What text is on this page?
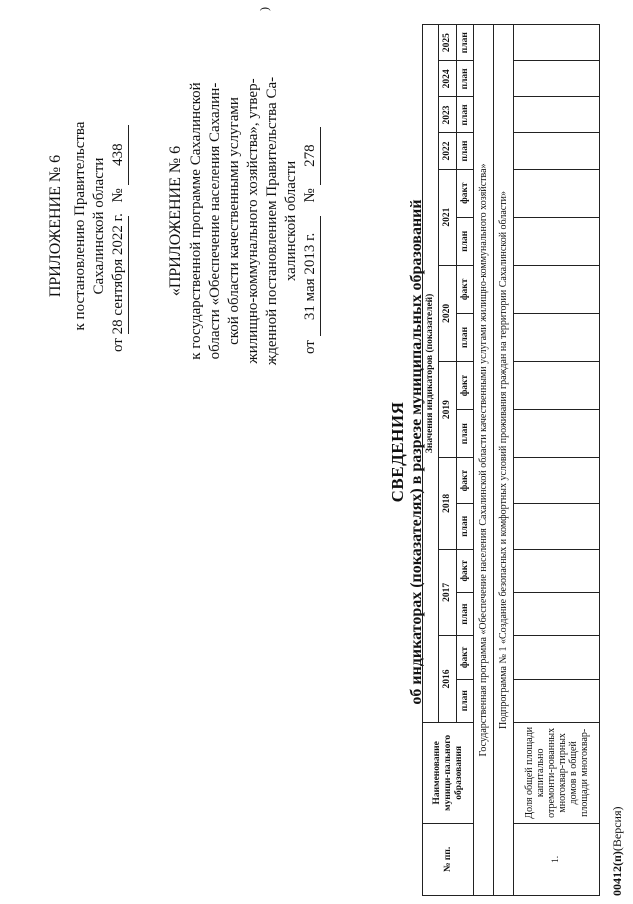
)
ПРИЛОЖЕНИЕ № 6 к постановлению Правительства Сахалинской области
от 28 сентября 2022 г. № 438	«ПРИЛОЖЕНИЕ № 6 к государственной программе Сахалинской области «Обеспечение населения Сахалин- ской области качественными услугами жилищно-коммунального хозяйства», утвер- жденной постановлением Правительства Са- халинской области
от 31 мая 2013 г. № 278
СВЕДЕНИЯ об индикаторах (показателях) в разрезе муниципальных образований
№ пп.	Наименование муници-пального образования	Значения индикаторов (показателей)															
		2016		2017		2018		2019		2020		2021		2022	2023	2024	2025
		план	факт	план	факт	план	факт	план	факт	план	факт	план	факт	план	план	план	план
Государственная программа «Обеспечение населения Сахалинской области качественными услугами жилищно-коммунального хозяйства»																	
Подпрограмма № 1 «Создание безопасных и комфортных условий проживания граждан на территории Сахалинской области»																	
1.	Доля общей площади капитально отремонти-рованных многоквар-тирных домов в общей площади многоквар-																
00412(п)(Версия)
